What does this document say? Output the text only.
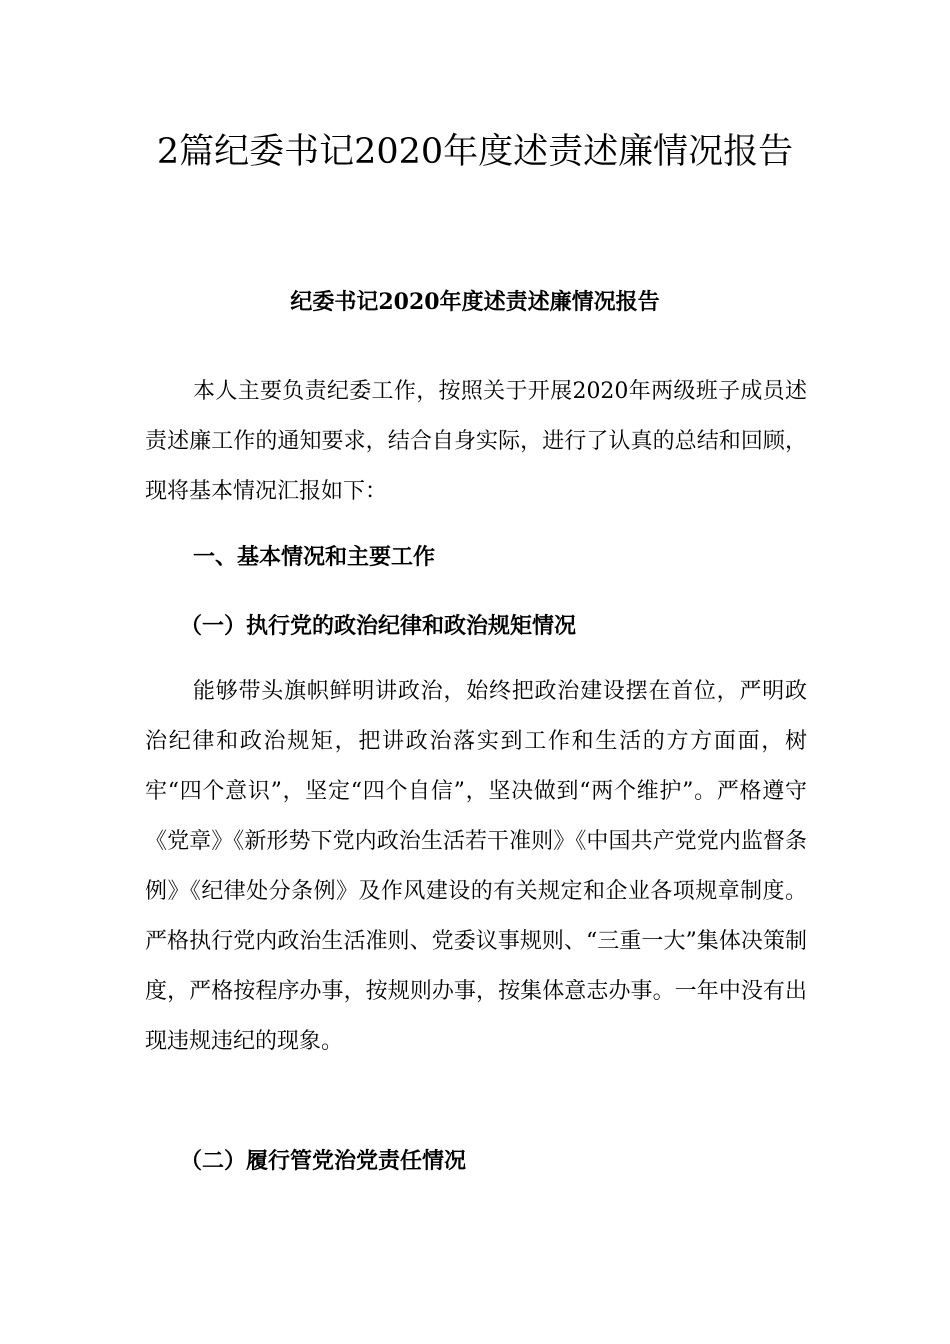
2篇纪委书记2020年度述责述廉情况报告
纪委书记2020年度述责述廉情况报告

本人主要负责纪委工作，按照关于开展2020年两级班子成员述责述廉工作的通知要求，结合自身实际，进行了认真的总结和回顾，现将基本情况汇报如下：

一、基本情况和主要工作
（一）执行党的政治纪律和政治规矩情况

能够带头旗帜鲜明讲政治，始终把政治建设摆在首位，严明政治纪律和政治规矩，把讲政治落实到工作和生活的方方面面，树牢“四个意识”，坚定“四个自信”，坚决做到“两个维护”。严格遵守《党章》《新形势下党内政治生活若干准则》《中国共产党党内监督条例》《纪律处分条例》及作风建设的有关规定和企业各项规章制度。严格执行党内政治生活准则、党委议事规则、“三重一大”集体决策制度，严格按程序办事，按规则办事，按集体意志办事。一年中没有出现违规违纪的现象。

（二）履行管党治党责任情况
